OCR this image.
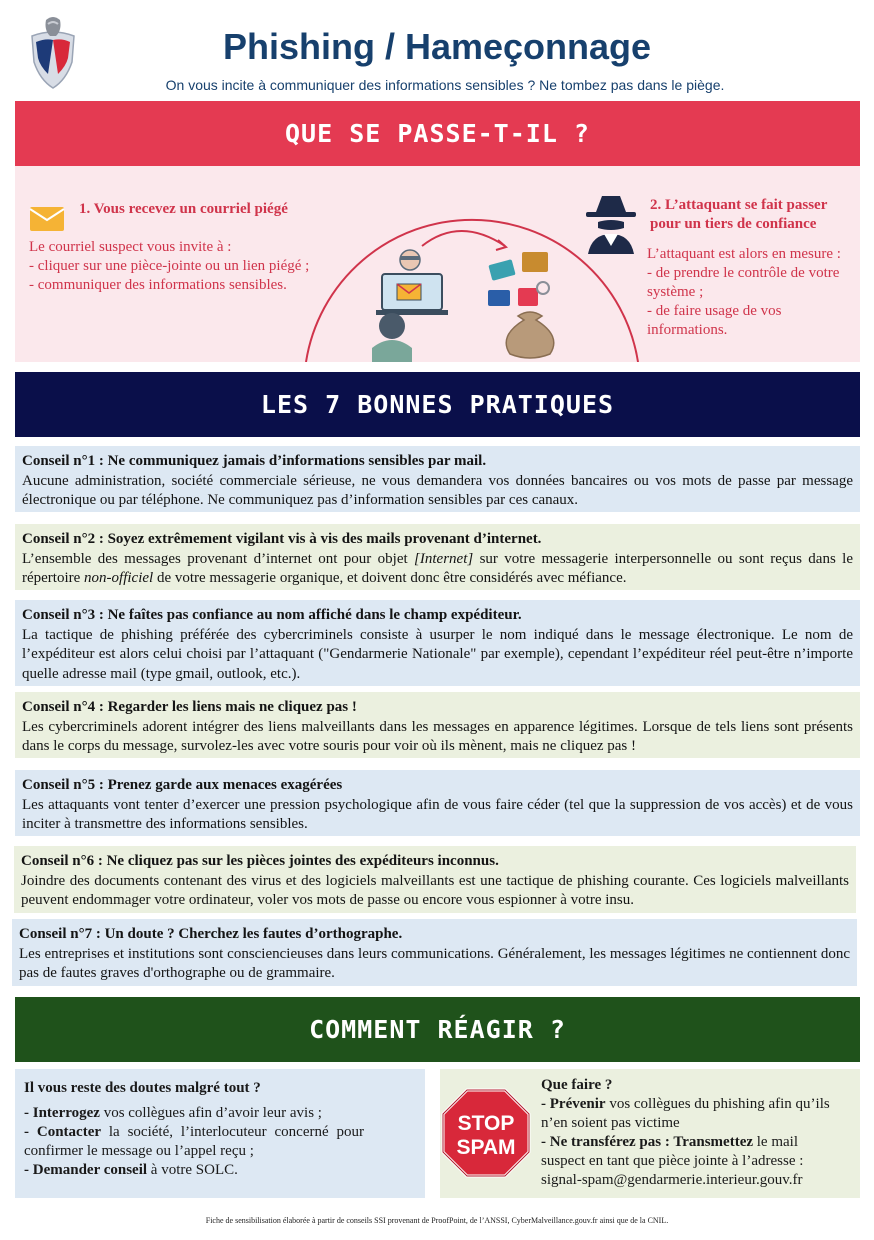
Phishing / Hameçonnage
On vous incite à communiquer des informations sensibles ? Ne tombez pas dans le piège.
QUE SE PASSE-T-IL ?
1. Vous recevez un courriel piégé
Le courriel suspect vous invite à :
- cliquer sur une pièce-jointe ou un lien piégé ;
- communiquer des informations sensibles.
2. L’attaquant se fait passer pour un tiers de confiance
L’attaquant est alors en mesure :
- de prendre le contrôle de votre système ;
- de faire usage de vos informations.
LES 7 BONNES PRATIQUES
Conseil n°1 : Ne communiquez jamais d’informations sensibles par mail.
Aucune administration, société commerciale sérieuse, ne vous demandera vos données bancaires ou vos mots de passe par message électronique ou par téléphone. Ne communiquez pas d’information sensibles par ces canaux.
Conseil n°2 : Soyez extrêmement vigilant vis à vis des mails provenant d’internet.
L’ensemble des messages provenant d’internet ont pour objet [Internet] sur votre messagerie interpersonnelle ou sont reçus dans le répertoire non-officiel de votre messagerie organique, et doivent donc être considérés avec méfiance.
Conseil n°3 : Ne faîtes pas confiance au nom affiché dans le champ expéditeur.
La tactique de phishing préférée des cybercriminels consiste à usurper le nom indiqué dans le message électronique. Le nom de l’expéditeur est alors celui choisi par l’attaquant ("Gendarmerie Nationale" par exemple), cependant l’expéditeur réel peut-être n’importe quelle adresse mail (type gmail, outlook, etc.).
Conseil n°4 : Regarder les liens mais ne cliquez pas !
Les cybercriminels adorent intégrer des liens malveillants dans les messages en apparence légitimes. Lorsque de tels liens sont présents dans le corps du message, survolez-les avec votre souris pour voir où ils mènent, mais ne cliquez pas !
Conseil n°5 : Prenez garde aux menaces exagérées
Les attaquants vont tenter d’exercer une pression psychologique afin de vous faire céder (tel que la suppression de vos accès) et de vous inciter à transmettre des informations sensibles.
Conseil n°6 : Ne cliquez pas sur les pièces jointes des expéditeurs inconnus.
Joindre des documents contenant des virus et des logiciels malveillants est une tactique de phishing courante. Ces logiciels malveillants peuvent endommager votre ordinateur, voler vos mots de passe ou encore vous espionner à votre insu.
Conseil n°7 : Un doute ? Cherchez les fautes d’orthographe.
Les entreprises et institutions sont consciencieuses dans leurs communications. Généralement, les messages légitimes ne contiennent donc pas de fautes graves d'orthographe ou de grammaire.
COMMENT RÉAGIR ?
Il vous reste des doutes malgré tout ?
- Interrogez vos collègues afin d’avoir leur avis ;
- Contacter la société, l’interlocuteur concerné pour confirmer le message ou l’appel reçu ;
- Demander conseil à votre SOLC.
STOP
SPAM
Que faire ?
- Prévenir vos collègues du phishing afin qu’ils n’en soient pas victime
- Ne transférez pas : Transmettez le mail suspect en tant que pièce jointe à l’adresse :
signal-spam@gendarmerie.interieur.gouv.fr
Fiche de sensibilisation élaborée à partir de conseils SSI provenant de ProofPoint, de l’ANSSI, CyberMalveillance.gouv.fr ainsi que de la CNIL.
